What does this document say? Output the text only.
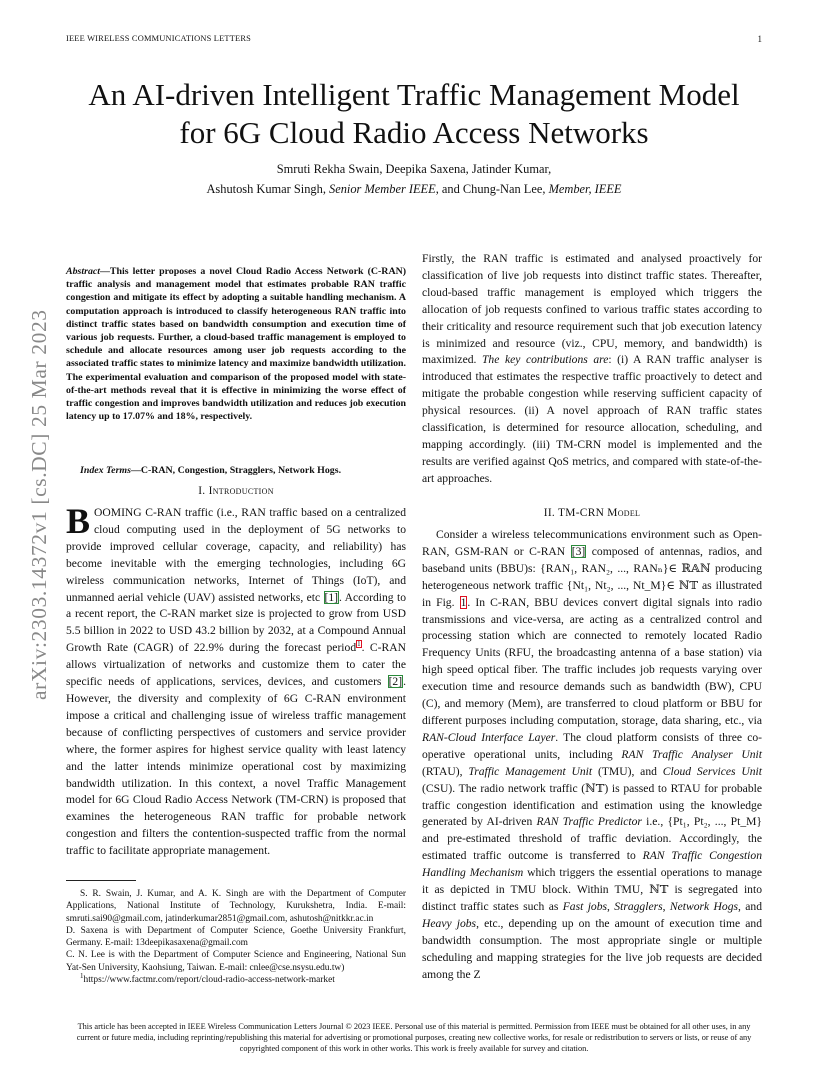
IEEE WIRELESS COMMUNICATIONS LETTERS	1
arXiv:2303.14372v1 [cs.DC] 25 Mar 2023
An AI-driven Intelligent Traffic Management Model
for 6G Cloud Radio Access Networks
Smruti Rekha Swain, Deepika Saxena, Jatinder Kumar,
Ashutosh Kumar Singh, Senior Member IEEE, and Chung-Nan Lee, Member, IEEE
Abstract—This letter proposes a novel Cloud Radio Access Network (C-RAN) traffic analysis and management model that estimates probable RAN traffic congestion and mitigate its effect by adopting a suitable handling mechanism. A computation approach is introduced to classify heterogeneous RAN traffic into distinct traffic states based on bandwidth consumption and execution time of various job requests. Further, a cloud-based traffic management is employed to schedule and allocate resources among user job requests according to the associated traffic states to minimize latency and maximize bandwidth utilization. The experimental evaluation and comparison of the proposed model with state-of-the-art methods reveal that it is effective in minimizing the worse effect of traffic congestion and improves bandwidth utilization and reduces job execution latency up to 17.07% and 18%, respectively.
Index Terms—C-RAN, Congestion, Stragglers, Network Hogs.
I. Introduction
BOOMING C-RAN traffic (i.e., RAN traffic based on a centralized cloud computing used in the deployment of 5G networks to provide improved cellular coverage, capacity, and reliability) has become inevitable with the emerging technologies, including 6G wireless communication networks, Internet of Things (IoT), and unmanned aerial vehicle (UAV) assisted networks, etc [1]. According to a recent report, the C-RAN market size is projected to grow from USD 5.5 billion in 2022 to USD 43.2 billion by 2032, at a Compound Annual Growth Rate (CAGR) of 22.9% during the forecast period$^1$. C-RAN allows virtualization of networks and customize them to cater the specific needs of applications, services, devices, and customers [2]. However, the diversity and complexity of 6G C-RAN environment impose a critical and challenging issue of wireless traffic management because of conflicting perspectives of customers and service provider where, the former aspires for highest service quality with least latency and the latter intends minimize operational cost by maximizing bandwidth utilization. In this context, a novel Traffic Management model for 6G Cloud Radio Access Network (TM-CRN) is proposed that examines the heterogeneous RAN traffic for probable network congestion and filters the contention-suspected traffic from the normal traffic to facilitate appropriate management.

S. R. Swain, J. Kumar, and A. K. Singh are with the Department of Computer Applications, National Institute of Technology, Kurukshetra, India. E-mail: smruti.sai90@gmail.com, jatinderkumar2851@gmail.com, ashutosh@nitkkr.ac.in

D. Saxena is with Department of Computer Science, Goethe University Frankfurt, Germany. E-mail: 13deepikasaxena@gmail.com

C. N. Lee is with the Department of Computer Science and Engineering, National Sun Yat-Sen University, Kaohsiung, Taiwan. E-mail: cnlee@cse.nsysu.edu.tw)

$^1$https://www.factmr.com/report/cloud-radio-access-network-market

Firstly, the RAN traffic is estimated and analysed proactively for classification of live job requests into distinct traffic states. Thereafter, cloud-based traffic management is employed which triggers the allocation of job requests confined to various traffic states according to their criticality and resource requirement such that job execution latency is minimized and resource (viz., CPU, memory, and bandwidth) is maximized. The key contributions are: (i) A RAN traffic analyser is introduced that estimates the respective traffic proactively to detect and mitigate the probable congestion while reserving sufficient capacity of physical resources. (ii) A novel approach of RAN traffic states classification, is determined for resource allocation, scheduling, and mapping accordingly. (iii) TM-CRN model is implemented and the results are verified against QoS metrics, and compared with state-of-the-art approaches.
II. TM-CRN Model
Consider a wireless telecommunications environment such as Open-RAN, GSM-RAN or C-RAN [3] composed of antennas, radios, and baseband units (BBU)s: {RAN₁, RAN₂, ..., RANₙ}∈ ℝ𝔸ℕ producing heterogeneous network traffic {Nt₁, Nt₂, ..., Nt_M}∈ ℕ𝕋 as illustrated in Fig. 1. In C-RAN, BBU devices convert digital signals into radio transmissions and vice-versa, are acting as a centralized control and processing station which are connected to remotely located Radio Frequency Units (RFU, the broadcasting antenna of a base station) via high speed optical fiber. The traffic includes job requests varying over execution time and resource demands such as bandwidth (BW), CPU (C), and memory (Mem), are transferred to cloud platform or BBU for different purposes including computation, storage, data sharing, etc., via RAN-Cloud Interface Layer. The cloud platform consists of three co-operative operational units, including RAN Traffic Analyser Unit (RTAU), Traffic Management Unit (TMU), and Cloud Services Unit (CSU). The radio network traffic (ℕ𝕋) is passed to RTAU for probable traffic congestion identification and estimation using the knowledge generated by AI-driven RAN Traffic Predictor i.e., {Pt₁, Pt₂, ..., Pt_M} and pre-estimated threshold of traffic deviation. Accordingly, the estimated traffic outcome is transferred to RAN Traffic Congestion Handling Mechanism which triggers the essential operations to manage it as depicted in TMU block. Within TMU, ℕ𝕋 is segregated into distinct traffic states such as Fast jobs, Stragglers, Network Hogs, and Heavy jobs, etc., depending up on the amount of execution time and bandwidth consumption. The most appropriate single or multiple scheduling and mapping strategies for the live job requests are decided among the Z
This article has been accepted in IEEE Wireless Communication Letters Journal © 2023 IEEE. Personal use of this material is permitted. Permission from IEEE must be obtained for all other uses, in any current or future media, including reprinting/republishing this material for advertising or promotional purposes, creating new collective works, for resale or redistribution to servers or lists, or reuse of any copyrighted component of this work in other works. This work is freely available for survey and citation.
